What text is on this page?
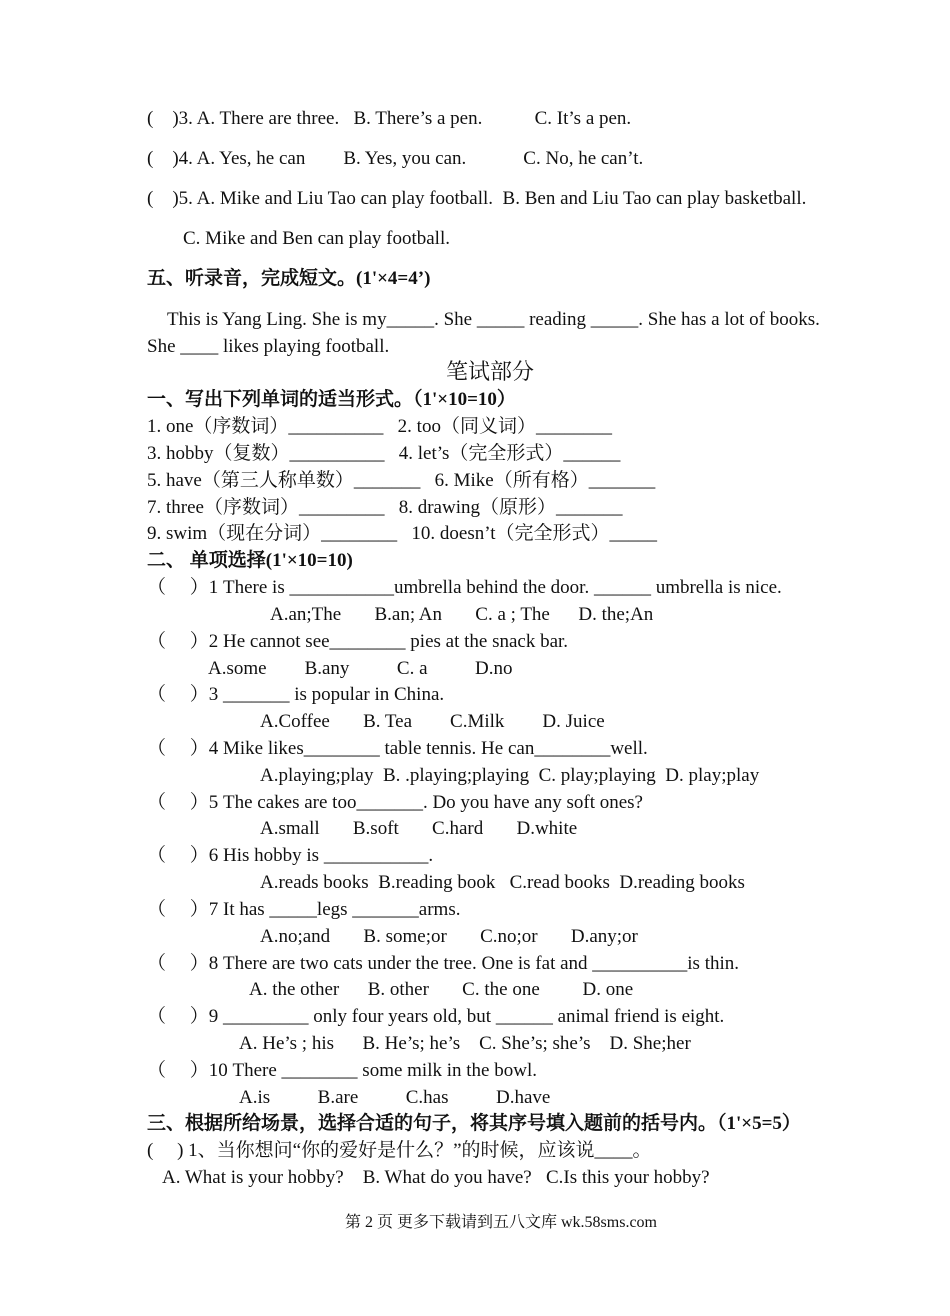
(    )3. A. There are three.   B. There’s a pen.           C. It’s a pen.
(    )4. A. Yes, he can        B. Yes, you can.            C. No, he can’t.
(    )5. A. Mike and Liu Tao can play football.  B. Ben and Liu Tao can play basketball.
C. Mike and Ben can play football.
五、听录音，完成短文。(1'×4=4’)
This is Yang Ling. She is my_____. She _____ reading _____. She has a lot of books.
She ____ likes playing football.
笔试部分
一、写出下列单词的适当形式。（1'×10=10）
1. one（序数词）__________   2. too（同义词）________
3. hobby（复数）__________   4. let’s（完全形式）______
5. have（第三人称单数）_______   6. Mike（所有格）_______
7. three（序数词）_________   8. drawing（原形）_______
9. swim（现在分词）________   10. doesn’t（完全形式）_____
二、 单项选择(1'×10=10)
（     ）1 There is ___________umbrella behind the door. ______ umbrella is nice.
A.an;The       B.an; An       C. a ; The      D. the;An
（     ）2 He cannot see________ pies at the snack bar.
A.some        B.any          C. a          D.no
（     ）3 _______ is popular in China.
A.Coffee       B. Tea        C.Milk        D. Juice
（     ）4 Mike likes________ table tennis. He can________well.
A.playing;play  B. .playing;playing  C. play;playing  D. play;play
（     ）5 The cakes are too_______. Do you have any soft ones?
A.small       B.soft       C.hard       D.white
（     ）6 His hobby is ___________.
A.reads books  B.reading book   C.read books  D.reading books
（     ）7 It has _____legs _______arms.
A.no;and       B. some;or       C.no;or       D.any;or
（     ）8 There are two cats under the tree. One is fat and __________is thin.
A. the other      B. other       C. the one         D. one
（     ）9 _________ only four years old, but ______ animal friend is eight.
A. He’s ; his      B. He’s; he’s    C. She’s; she’s    D. She;her
（     ）10 There ________ some milk in the bowl.
A.is          B.are          C.has          D.have
三、根据所给场景，选择合适的句子，将其序号填入题前的括号内。（1'×5=5）
(     ) 1、当你想问“你的爱好是什么？”的时候，应该说____。
A. What is your hobby?    B. What do you have?   C.Is this your hobby?
第 2 页 更多下载请到五八文库 wk.58sms.com
